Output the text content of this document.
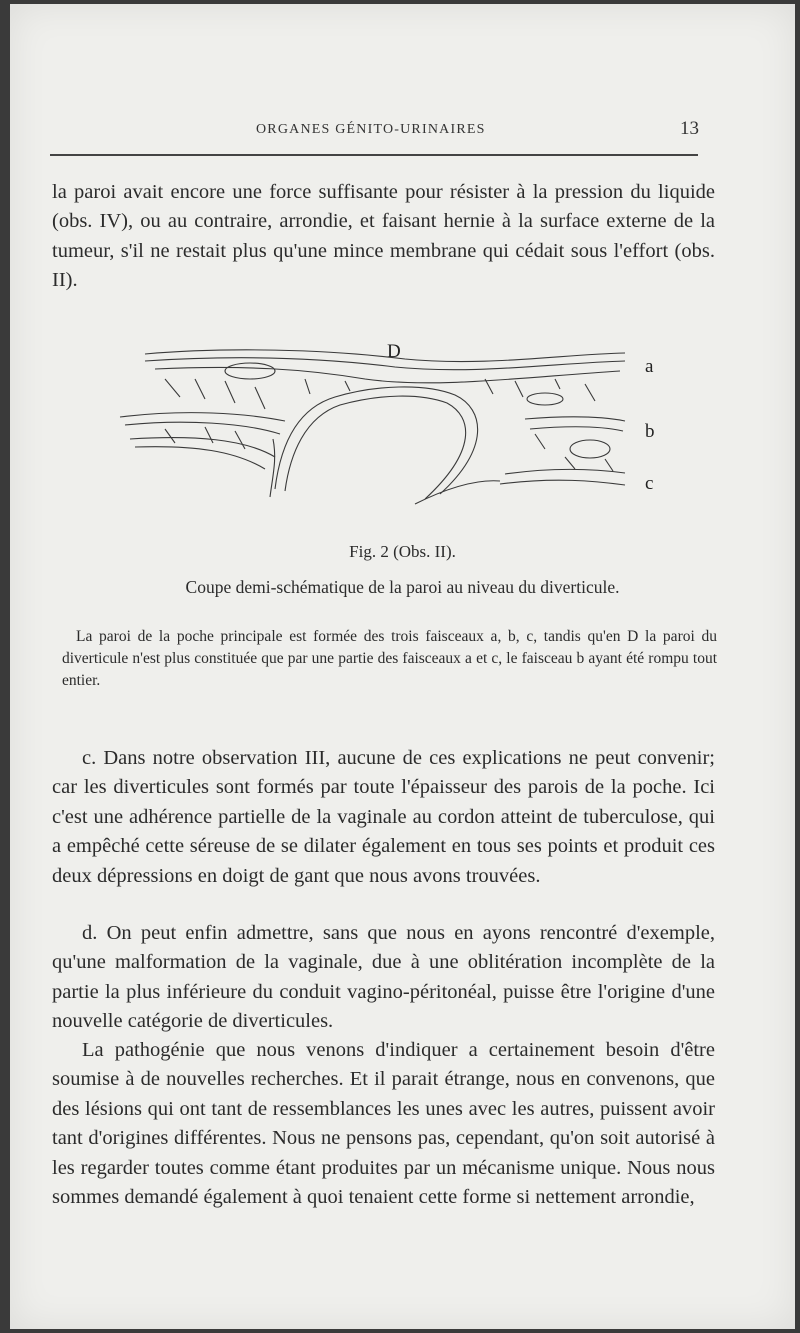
ORGANES GÉNITO-URINAIRES	13

la paroi avait encore une force suffisante pour résister à la pression du liquide (obs. IV), ou au contraire, arrondie, et faisant hernie à la surface externe de la tumeur, s'il ne restait plus qu'une mince membrane qui cédait sous l'effort (obs. II).

D
a
b
c
Fig. 2 (Obs. II).
Coupe demi-schématique de la paroi au niveau du diverticule.

La paroi de la poche principale est formée des trois faisceaux a, b, c, tandis qu'en D la paroi du diverticule n'est plus constituée que par une partie des faisceaux a et c, le faisceau b ayant été rompu tout entier.

c. Dans notre observation III, aucune de ces explications ne peut convenir; car les diverticules sont formés par toute l'épaisseur des parois de la poche. Ici c'est une adhérence partielle de la vaginale au cordon atteint de tuberculose, qui a empêché cette séreuse de se dilater également en tous ses points et produit ces deux dépressions en doigt de gant que nous avons trouvées.

d. On peut enfin admettre, sans que nous en ayons rencontré d'exemple, qu'une malformation de la vaginale, due à une oblitération incomplète de la partie la plus inférieure du conduit vagino-péritonéal, puisse être l'origine d'une nouvelle catégorie de diverticules.

La pathogénie que nous venons d'indiquer a certainement besoin d'être soumise à de nouvelles recherches. Et il parait étrange, nous en convenons, que des lésions qui ont tant de ressemblances les unes avec les autres, puissent avoir tant d'origines différentes. Nous ne pensons pas, cependant, qu'on soit autorisé à les regarder toutes comme étant produites par un mécanisme unique. Nous nous sommes demandé également à quoi tenaient cette forme si nettement arrondie,
